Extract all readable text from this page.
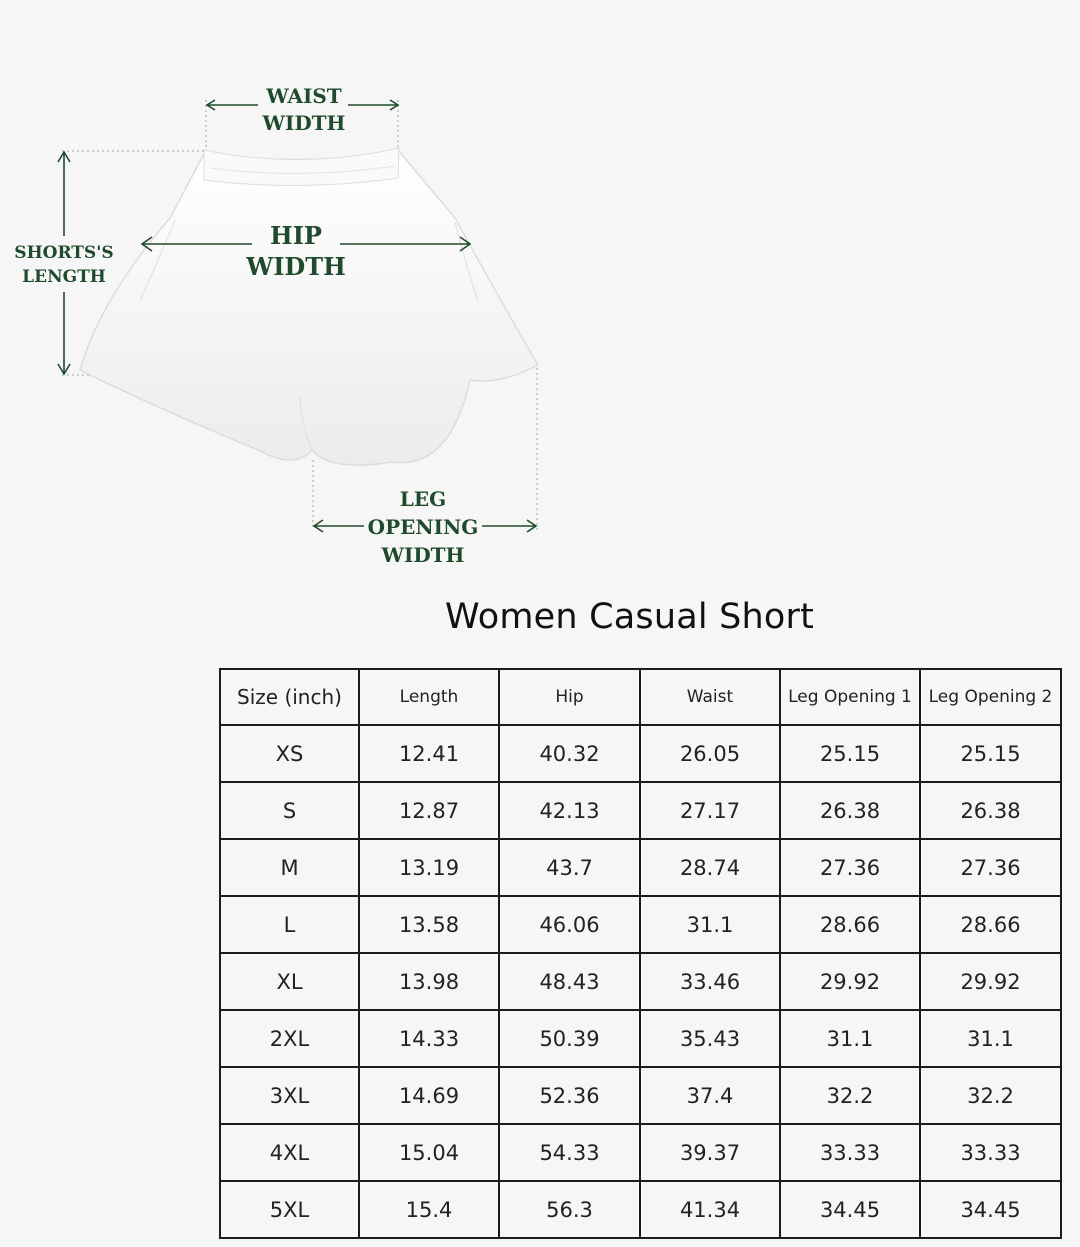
WAIST
WIDTH
HIP
WIDTH
SHORTS'S
LENGTH
LEG
OPENING
WIDTH
Women Casual Short
Size (inch)	Length	Hip	Waist	Leg Opening 1	Leg Opening 2
XS	12.41	40.32	26.05	25.15	25.15
S	12.87	42.13	27.17	26.38	26.38
M	13.19	43.7	28.74	27.36	27.36
L	13.58	46.06	31.1	28.66	28.66
XL	13.98	48.43	33.46	29.92	29.92
2XL	14.33	50.39	35.43	31.1	31.1
3XL	14.69	52.36	37.4	32.2	32.2
4XL	15.04	54.33	39.37	33.33	33.33
5XL	15.4	56.3	41.34	34.45	34.45
